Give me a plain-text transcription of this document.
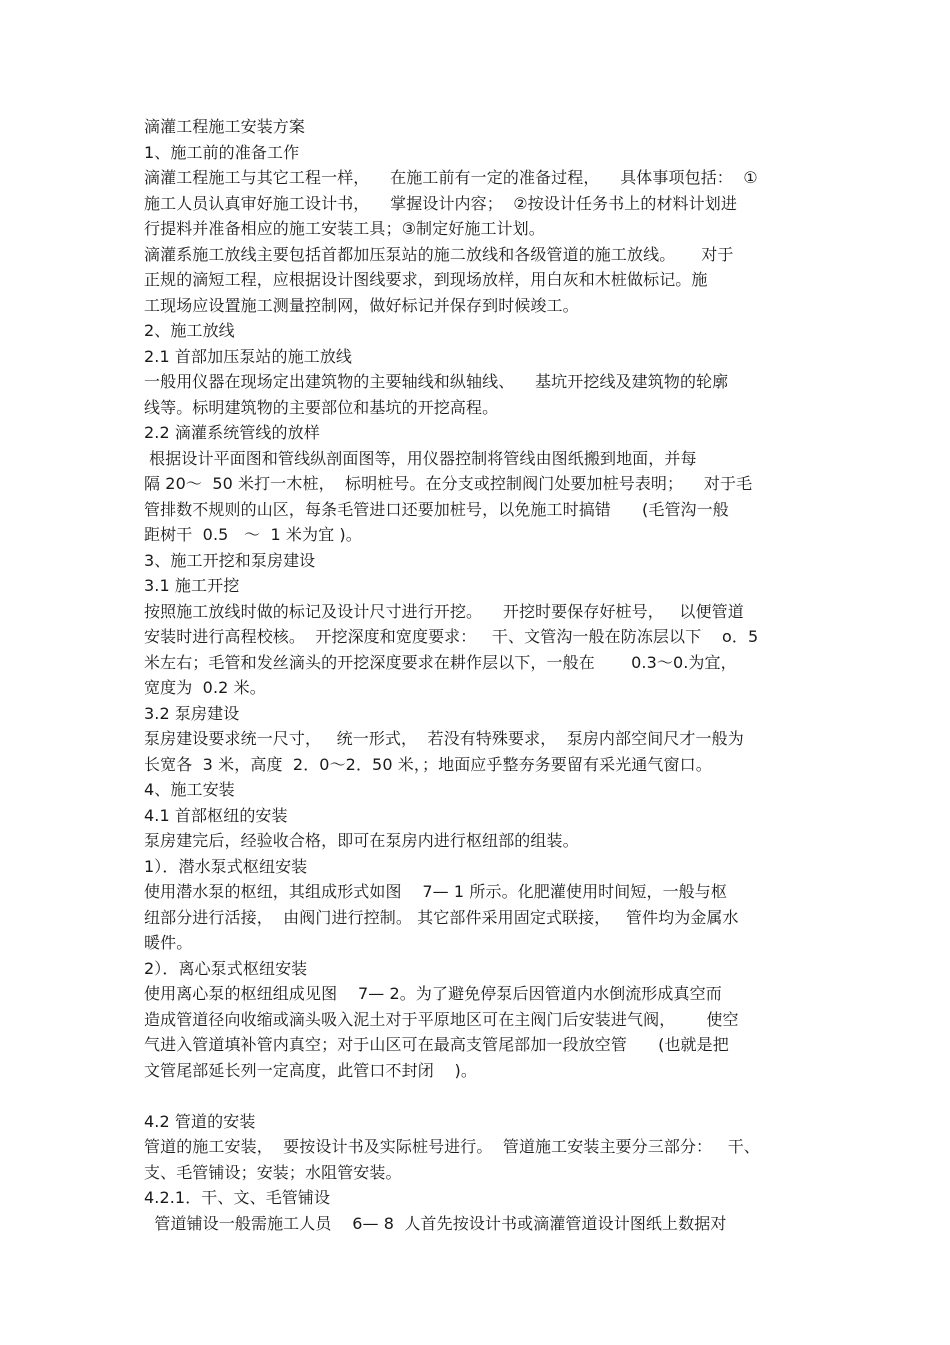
滴灌工程施工安装方案
1、施工前的准备工作
滴灌工程施工与其它工程一样，    在施工前有一定的准备过程，    具体事项包括：  ①
施工人员认真审好施工设计书，    掌握设计内容；  ②按设计任务书上的材料计划进
行提料并准备相应的施工安装工具；③制定好施工计划。
滴灌系施工放线主要包括首都加压泵站的施二放线和各级管道的施工放线。     对于
正规的滴短工程，应根据设计图线要求，到现场放样，用白灰和木桩做标记。施
工现场应设置施工测量控制网，做好标记并保存到时候竣工。
2、施工放线
2.1 首部加压泵站的施工放线
一般用仪器在现场定出建筑物的主要轴线和纵轴线、    基坑开挖线及建筑物的轮廓
线等。标明建筑物的主要部位和基坑的开挖高程。
2.2 滴灌系统管线的放样
根据设计平面图和管线纵剖面图等，用仪器控制将管线由图纸搬到地面，并每
隔 20～  50 米打一木桩，  标明桩号。在分支或控制阀门处要加桩号表明；    对于毛
管排数不规则的山区，每条毛管进口还要加桩号，以免施工时搞错      (毛管沟一般
距树干  0.5   ～  1 米为宜 )。
3、施工开挖和泵房建设
3.1 施工开挖
按照施工放线时做的标记及设计尺寸进行开挖。    开挖时要保存好桩号，   以便管道
安装时进行高程校核。  开挖深度和宽度要求：   干、文管沟一般在防冻层以下    o．5
米左右；毛管和发丝滴头的开挖深度要求在耕作层以下，一般在       0.3～0.为宜，
宽度为  0.2 米。
3.2 泵房建设
泵房建设要求统一尺寸，   统一形式，  若没有特殊要求，  泵房内部空间尺才一般为
长宽各  3 米，高度  2．0～2．50 米，；地面应乎整夯务要留有采光通气窗口。
4、施工安装
4.1 首部枢纽的安装
泵房建完后，经验收合格，即可在泵房内进行枢纽部的组装。
1）．潜水泵式枢纽安装
使用潜水泵的枢纽，其组成形式如图    7— 1 所示。化肥灌使用时间短，一般与枢
纽部分进行活接，  由阀门进行控制。 其它部件采用固定式联接，   管件均为金属水
暖件。
2）．离心泵式枢纽安装
使用离心泵的枢纽组成见图    7— 2。为了避免停泵后因管道内水倒流形成真空而
造成管道径向收缩或滴头吸入泥土对于平原地区可在主阀门后安装进气阀，      使空
气进入管道填补管内真空；对于山区可在最高支管尾部加一段放空管      (也就是把
文管尾部延长列一定高度，此管口不封闭    )。
4.2 管道的安装
管道的施工安装，  要按设计书及实际桩号进行。  管道施工安装主要分三部分：   干、
支、毛管铺设；安装；水阻管安装。
4.2.1．干、文、毛管铺设
管道铺设一般需施工人员    6— 8  人首先按设计书或滴灌管道设计图纸上数据对
